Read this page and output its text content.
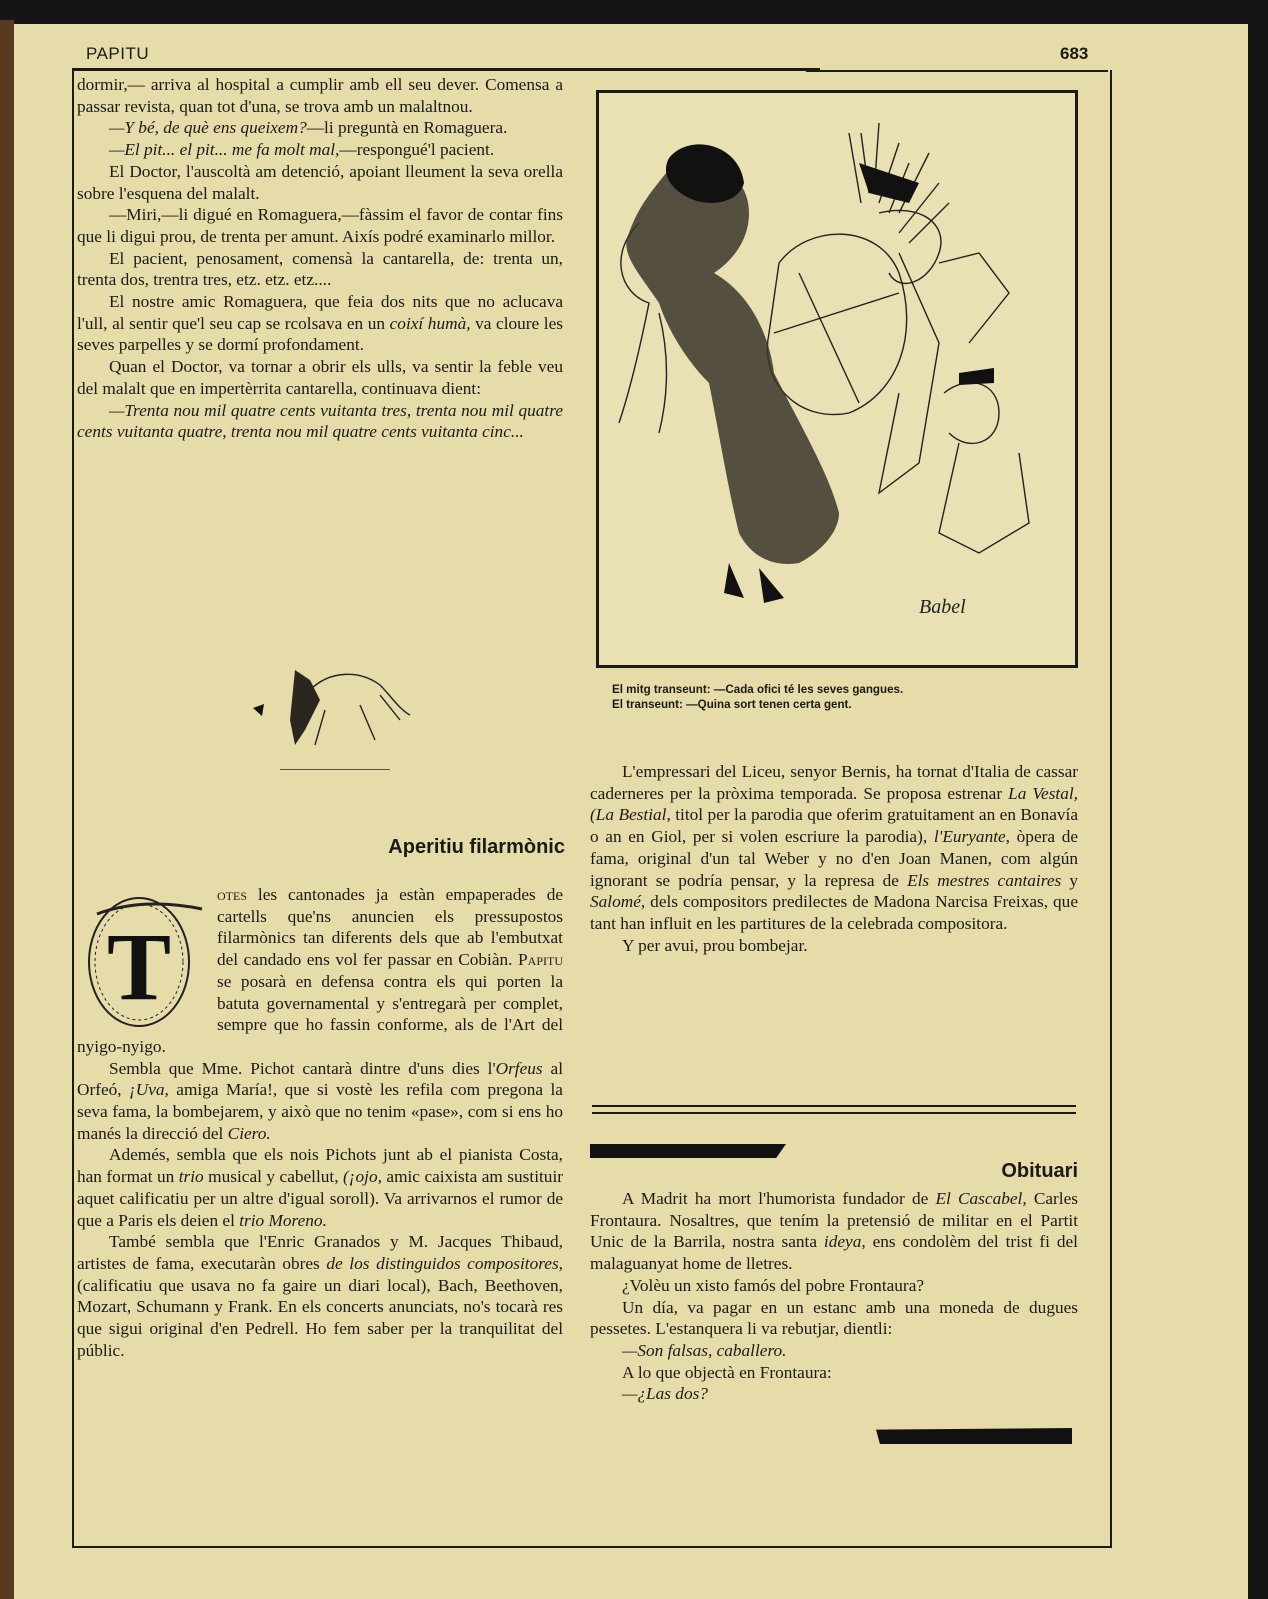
PAPITU	683

dormir,— arriva al hospital a cumplir amb ell seu dever. Comensa a passar revista, quan tot d'una, se trova amb un malaltnou.

—Y bé, de què ens queixem?—li preguntà en Romaguera.

—El pit... el pit... me fa molt mal,—respongué'l pacient.

El Doctor, l'auscoltà am detenció, apoiant lleument la seva orella sobre l'esquena del malalt.

—Miri,—li digué en Romaguera,—fàssim el favor de contar fins que li digui prou, de trenta per amunt. Aixís podré examinarlo millor.

El pacient, penosament, comensà la cantarella, de: trenta un, trenta dos, trentra tres, etz. etz. etz....

El nostre amic Romaguera, que feia dos nits que no aclucava l'ull, al sentir que'l seu cap se rcolsava en un coixí humà, va cloure les seves parpelles y se dormí profondament.

Quan el Doctor, va tornar a obrir els ulls, va sentir la feble veu del malalt que en impertèrrita cantarella, continuava dient:

—Trenta nou mil quatre cents vuitanta tres, trenta nou mil quatre cents vuitanta quatre, trenta nou mil quatre cents vuitanta cinc...

Babel
El mitg transeunt: —Cada ofici té les seves gangues.
El transeunt: —Quina sort tenen certa gent.
Aperitiu filarmònic
T

otes les cantonades ja estàn empaperades de cartells que'ns anuncien els pressupostos filarmònics tan diferents dels que ab l'embutxat del candado ens vol fer passar en Cobiàn. Papitu se posarà en defensa contra els qui porten la batuta governamental y s'entregarà per complet, sempre que ho fassin conforme, als de l'Art del nyigo-nyigo.

Sembla que Mme. Pichot cantarà dintre d'uns dies l'Orfeus al Orfeó, ¡Uva, amiga María!, que si vostè les refila com pregona la seva fama, la bombejarem, y això que no tenim «pase», com si ens ho manés la direcció del Ciero.

Ademés, sembla que els nois Pichots junt ab el pianista Costa, han format un trio musical y cabellut, (¡ojo, amic caixista am sustituir aquet calificatiu per un altre d'igual soroll). Va arrivarnos el rumor de que a Paris els deien el trio Moreno.

També sembla que l'Enric Granados y M. Jacques Thibaud, artistes de fama, executaràn obres de los distinguidos compositores, (calificatiu que usava no fa gaire un diari local), Bach, Beethoven, Mozart, Schumann y Frank. En els concerts anunciats, no's tocarà res que sigui original d'en Pedrell. Ho fem saber per la tranquilitat del públic.

L'empressari del Liceu, senyor Bernis, ha tornat d'Italia de cassar caderneres per la pròxima temporada. Se proposa estrenar La Vestal, (La Bestial, titol per la parodia que oferim gratuitament an en Bonavía o an en Giol, per si volen escriure la parodia), l'Euryante, òpera de fama, original d'un tal Weber y no d'en Joan Manen, com algún ignorant se podría pensar, y la represa de Els mestres cantaires y Salomé, dels compositors predilectes de Madona Narcisa Freixas, que tant han influit en les partitures de la celebrada compositora.

Y per avui, prou bombejar.

Obituari

A Madrit ha mort l'humorista fundador de El Cascabel, Carles Frontaura. Nosaltres, que tením la pretensió de militar en el Partit Unic de la Barrila, nostra santa ideya, ens condolèm del trist fi del malaguanyat home de lletres.

¿Volèu un xisto famós del pobre Frontaura?

Un día, va pagar en un estanc amb una moneda de dugues pessetes. L'estanquera li va rebutjar, dientli:

—Son falsas, caballero.

A lo que objectà en Frontaura:

—¿Las dos?
